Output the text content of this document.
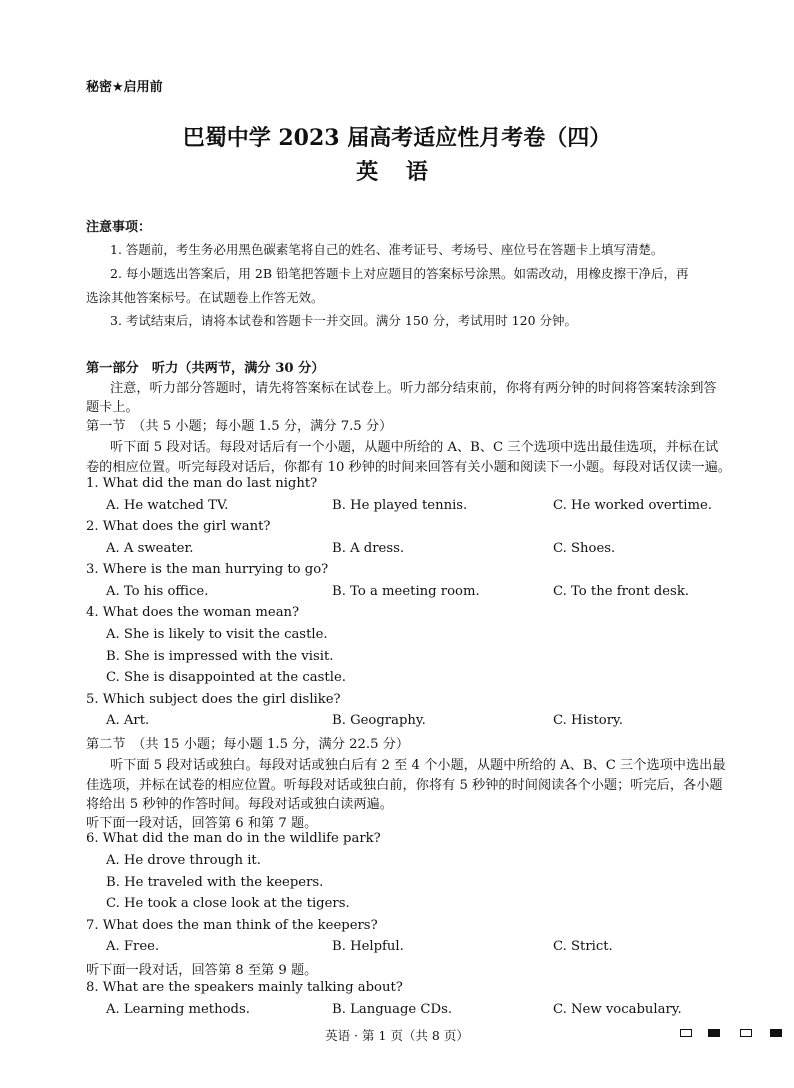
秘密★启用前
巴蜀中学 2023 届高考适应性月考卷（四）
英 语
注意事项：
1. 答题前，考生务必用黑色碳素笔将自己的姓名、准考证号、考场号、座位号在答题卡上填写清楚。
2. 每小题选出答案后，用 2B 铅笔把答题卡上对应题目的答案标号涂黑。如需改动，用橡皮擦干净后，再
选涂其他答案标号。在试题卷上作答无效。
3. 考试结束后，请将本试卷和答题卡一并交回。满分 150 分，考试用时 120 分钟。
第一部分　听力（共两节，满分 30 分）
注意，听力部分答题时，请先将答案标在试卷上。听力部分结束前，你将有两分钟的时间将答案转涂到答
题卡上。
第一节　（共 5 小题；每小题 1.5 分，满分 7.5 分）
听下面 5 段对话。每段对话后有一个小题，从题中所给的 A、B、C 三个选项中选出最佳选项，并标在试
卷的相应位置。听完每段对话后，你都有 10 秒钟的时间来回答有关小题和阅读下一小题。每段对话仅读一遍。
1. What did the man do last night?
A. He watched TV.	B. He played tennis.	C. He worked overtime.
2. What does the girl want?
A. A sweater.	B. A dress.	C. Shoes.
3. Where is the man hurrying to go?
A. To his office.	B. To a meeting room.	C. To the front desk.
4. What does the woman mean?
A. She is likely to visit the castle.
B. She is impressed with the visit.
C. She is disappointed at the castle.
5. Which subject does the girl dislike?
A. Art.	B. Geography.	C. History.
第二节　（共 15 小题；每小题 1.5 分，满分 22.5 分）
听下面 5 段对话或独白。每段对话或独白后有 2 至 4 个小题，从题中所给的 A、B、C 三个选项中选出最
佳选项，并标在试卷的相应位置。听每段对话或独白前，你将有 5 秒钟的时间阅读各个小题；听完后，各小题
将给出 5 秒钟的作答时间。每段对话或独白读两遍。
听下面一段对话，回答第 6 和第 7 题。
6. What did the man do in the wildlife park?
A. He drove through it.
B. He traveled with the keepers.
C. He took a close look at the tigers.
7. What does the man think of the keepers?
A. Free.	B. Helpful.	C. Strict.
听下面一段对话，回答第 8 至第 9 题。
8. What are the speakers mainly talking about?
A. Learning methods.	B. Language CDs.	C. New vocabulary.
英语 · 第 1 页（共 8 页）
